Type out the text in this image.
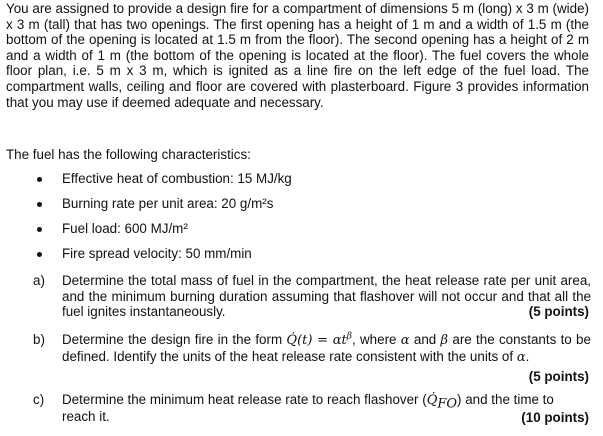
You are assigned to provide a design fire for a compartment of dimensions 5 m (long) x 3 m (wide) x 3 m (tall) that has two openings. The first opening has a height of 1 m and a width of 1.5 m (the bottom of the opening is located at 1.5 m from the floor). The second opening has a height of 2 m and a width of 1 m (the bottom of the opening is located at the floor). The fuel covers the whole floor plan, i.e. 5 m x 3 m, which is ignited as a line fire on the left edge of the fuel load. The compartment walls, ceiling and floor are covered with plasterboard. Figure 3 provides information that you may use if deemed adequate and necessary.
The fuel has the following characteristics:
Effective heat of combustion: 15 MJ/kg
Burning rate per unit area: 20 g/m²s
Fuel load: 600 MJ/m²
Fire spread velocity: 50 mm/min
a) Determine the total mass of fuel in the compartment, the heat release rate per unit area, and the minimum burning duration assuming that flashover will not occur and that all the fuel ignites instantaneously.	(5 points)
b) Determine the design fire in the form Q̇(t) = $\alpha t^\beta$, where α and β are the constants to be defined. Identify the units of the heat release rate consistent with the units of α.
(5 points)
c) Determine the minimum heat release rate to reach flashover $(Q̇_{FO})$ and the time to reach it.	(10 points)
